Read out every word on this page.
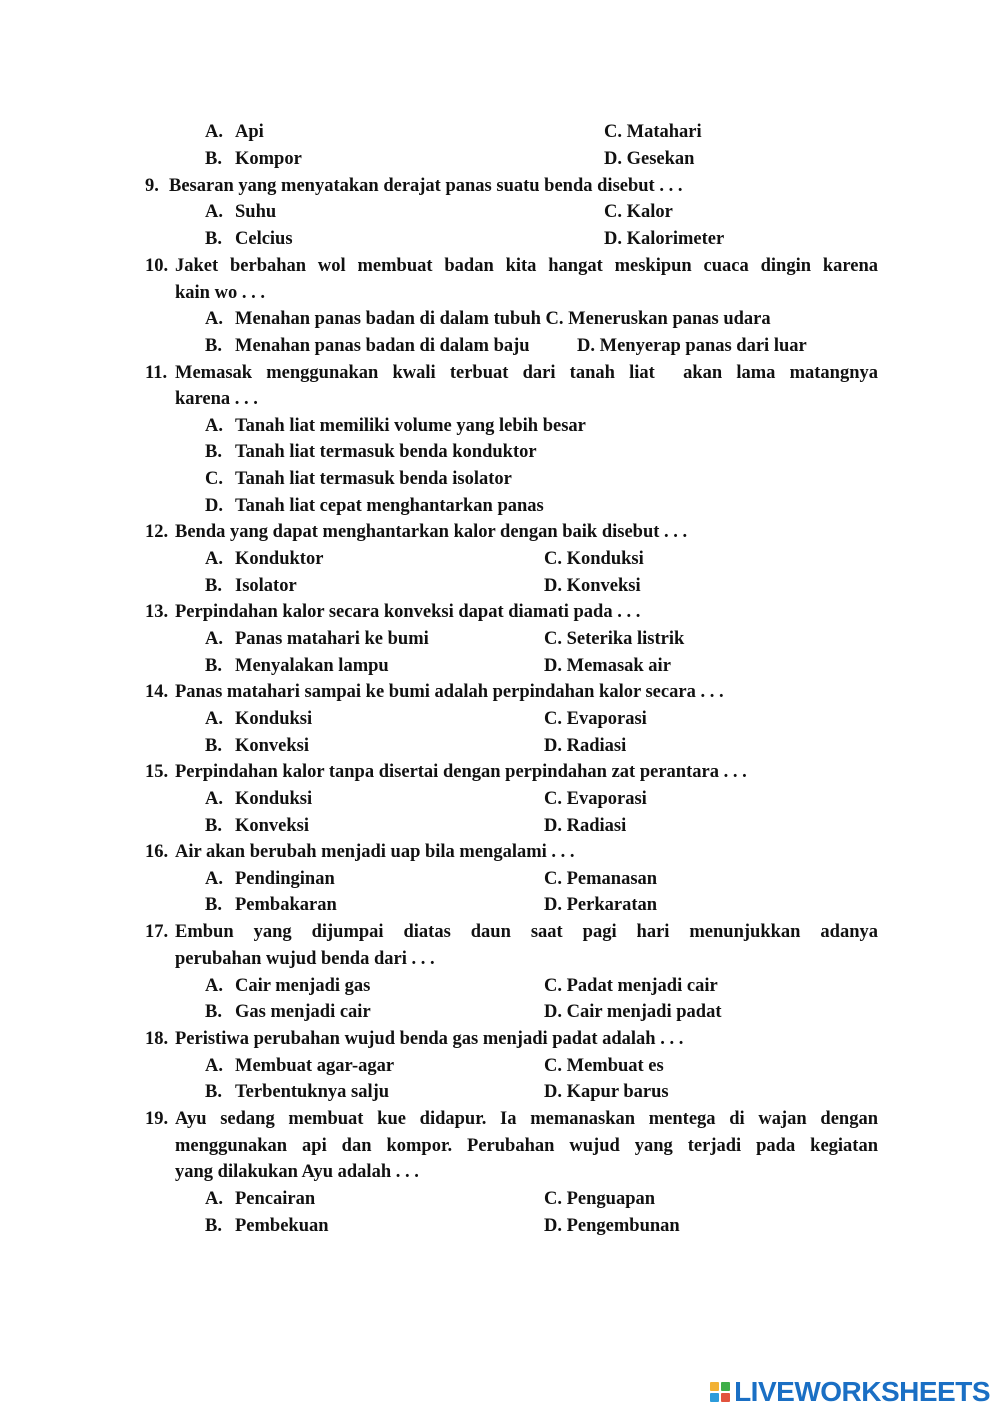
A. Api	C. Matahari
B. Kompor	D. Gesekan
9. Besaran yang menyatakan derajat panas suatu benda disebut . . .
A. Suhu	C. Kalor
B. Celcius	D. Kalorimeter
10. Jaket berbahan wol membuat badan kita hangat meskipun cuaca dingin karena
kain wo . . .
A. Menahan panas badan di dalam tubuh C. Meneruskan panas udara
B. Menahan panas badan di dalam baju	D. Menyerap panas dari luar
11. Memasak menggunakan kwali terbuat dari tanah liat  akan lama matangnya
karena . . .
A. Tanah liat memiliki volume yang lebih besar
B. Tanah liat termasuk benda konduktor
C. Tanah liat termasuk benda isolator
D. Tanah liat cepat menghantarkan panas
12. Benda yang dapat menghantarkan kalor dengan baik disebut . . .
A. Konduktor	C. Konduksi
B. Isolator	D. Konveksi
13. Perpindahan kalor secara konveksi dapat diamati pada . . .
A. Panas matahari ke bumi	C. Seterika listrik
B. Menyalakan lampu	D. Memasak air
14. Panas matahari sampai ke bumi adalah perpindahan kalor secara . . .
A. Konduksi	C. Evaporasi
B. Konveksi	D. Radiasi
15. Perpindahan kalor tanpa disertai dengan perpindahan zat perantara . . .
A. Konduksi	C. Evaporasi
B. Konveksi	D. Radiasi
16. Air akan berubah menjadi uap bila mengalami . . .
A. Pendinginan	C. Pemanasan
B. Pembakaran	D. Perkaratan
17. Embun yang dijumpai diatas daun saat pagi hari menunjukkan adanya
perubahan wujud benda dari . . .
A. Cair menjadi gas	C. Padat menjadi cair
B. Gas menjadi cair	D. Cair menjadi padat
18. Peristiwa perubahan wujud benda gas menjadi padat adalah . . .
A. Membuat agar-agar	C. Membuat es
B. Terbentuknya salju	D. Kapur barus
19. Ayu sedang membuat kue didapur. Ia memanaskan mentega di wajan dengan
menggunakan api dan kompor. Perubahan wujud yang terjadi pada kegiatan
yang dilakukan Ayu adalah . . .
A. Pencairan	C. Penguapan
B. Pembekuan	D. Pengembunan
LIVEWORKSHEETS
